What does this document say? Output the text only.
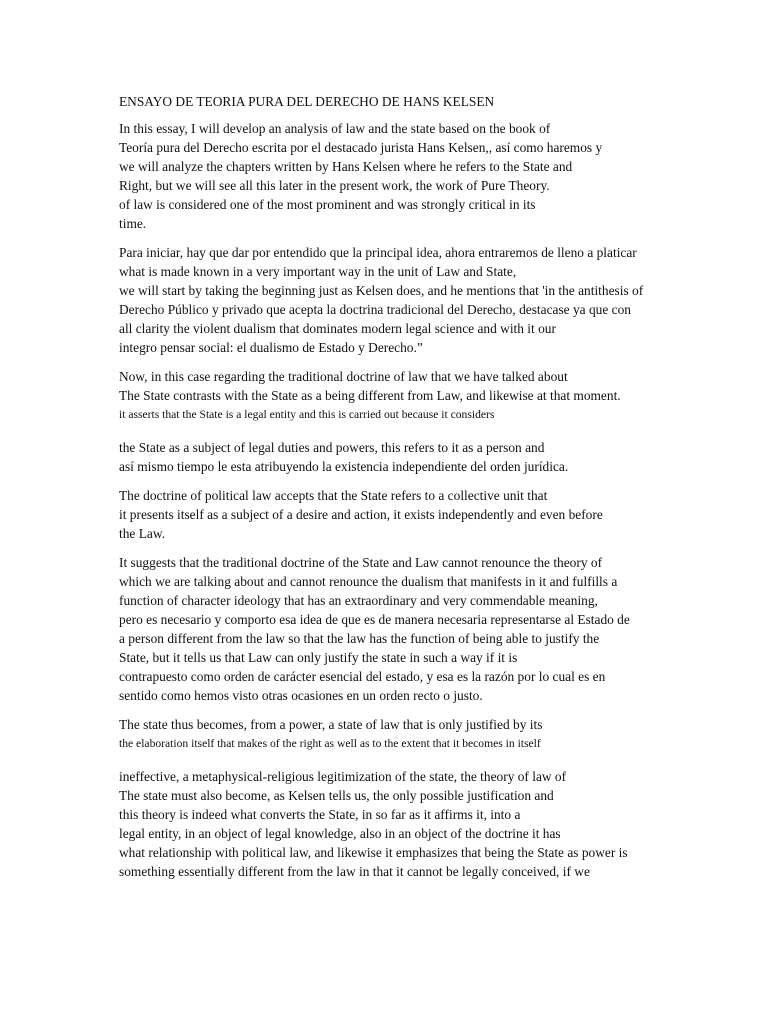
ENSAYO DE TEORIA PURA DEL DERECHO DE HANS KELSEN
In this essay, I will develop an analysis of law and the state based on the book of
Teoría pura del Derecho escrita por el destacado jurista Hans Kelsen,, así como haremos y
we will analyze the chapters written by Hans Kelsen where he refers to the State and
Right, but we will see all this later in the present work, the work of Pure Theory.
of law is considered one of the most prominent and was strongly critical in its
time.
Para iniciar, hay que dar por entendido que la principal idea, ahora entraremos de lleno a platicar
what is made known in a very important way in the unit of Law and State,
we will start by taking the beginning just as Kelsen does, and he mentions that 'in the antithesis of
Derecho Público y privado que acepta la doctrina tradicional del Derecho, destacase ya que con
all clarity the violent dualism that dominates modern legal science and with it our
integro pensar social: el dualismo de Estado y Derecho.”
Now, in this case regarding the traditional doctrine of law that we have talked about
The State contrasts with the State as a being different from Law, and likewise at that moment.
it asserts that the State is a legal entity and this is carried out because it considers
the State as a subject of legal duties and powers, this refers to it as a person and
así mismo tiempo le esta atribuyendo la existencia independiente del orden jurídica.
The doctrine of political law accepts that the State refers to a collective unit that
it presents itself as a subject of a desire and action, it exists independently and even before
the Law.
It suggests that the traditional doctrine of the State and Law cannot renounce the theory of
which we are talking about and cannot renounce the dualism that manifests in it and fulfills a
function of character ideology that has an extraordinary and very commendable meaning,
pero es necesario y comporto esa idea de que es de manera necesaria representarse al Estado de
a person different from the law so that the law has the function of being able to justify the
State, but it tells us that Law can only justify the state in such a way if it is
contrapuesto como orden de carácter esencial del estado, y esa es la razón por lo cual es en
sentido como hemos visto otras ocasiones en un orden recto o justo.
The state thus becomes, from a power, a state of law that is only justified by its
the elaboration itself that makes of the right as well as to the extent that it becomes in itself
ineffective, a metaphysical-religious legitimization of the state, the theory of law of
The state must also become, as Kelsen tells us, the only possible justification and
this theory is indeed what converts the State, in so far as it affirms it, into a
legal entity, in an object of legal knowledge, also in an object of the doctrine it has
what relationship with political law, and likewise it emphasizes that being the State as power is
something essentially different from the law in that it cannot be legally conceived, if we
